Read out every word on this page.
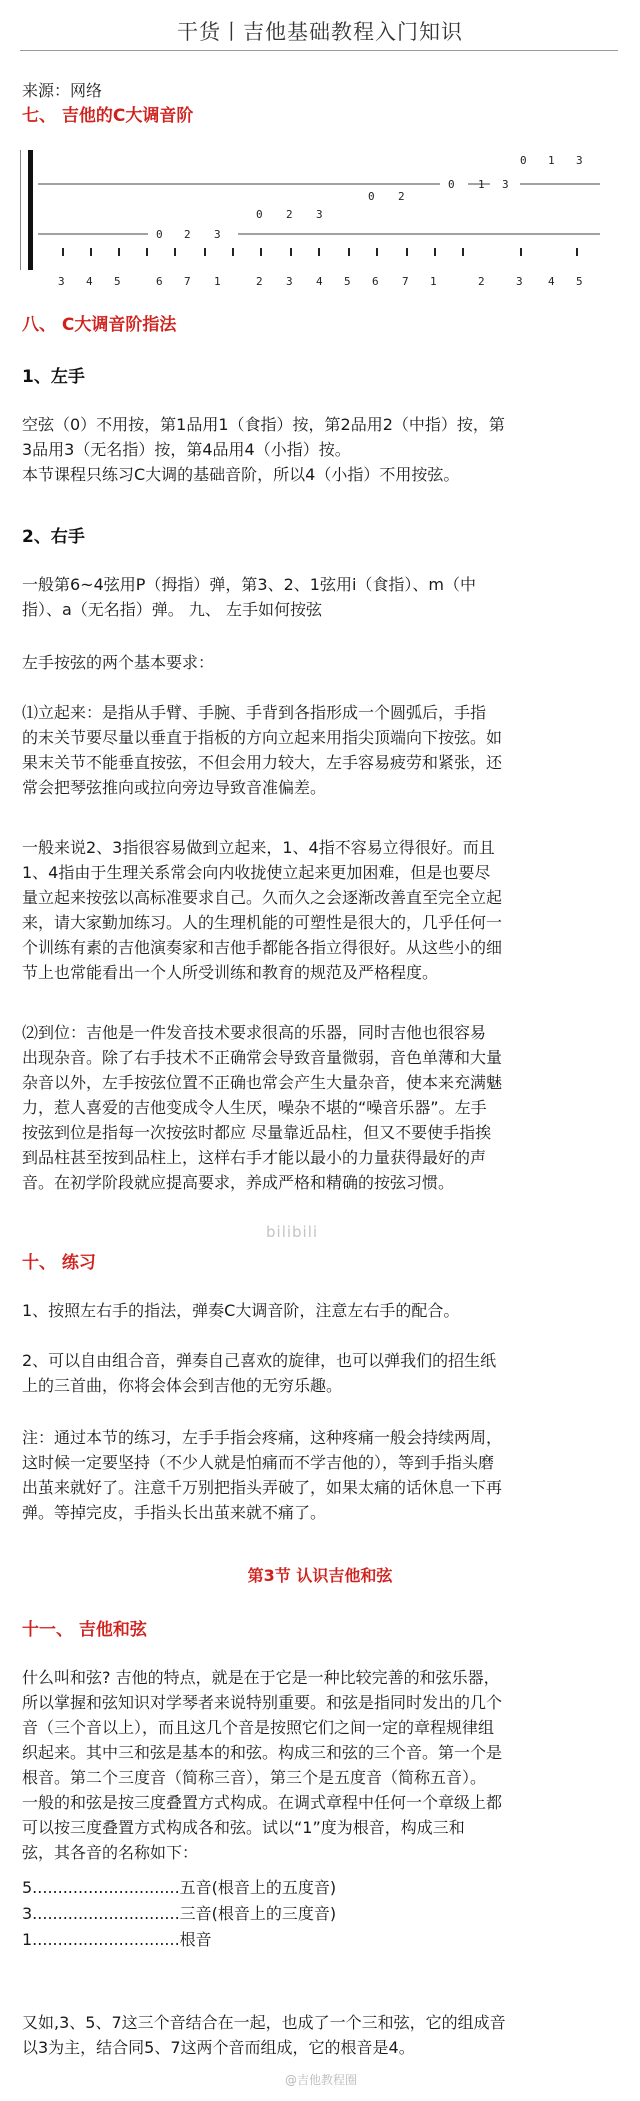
干货丨吉他基础教程入门知识
来源：网络
七、 吉他的C大调音阶
0 1 3
0 1 3
0 2
0 2 3
0 2 3
3 4 5	6 7 1	2 3 4 5 6 7 1	2	3 4 5
八、 C大调音阶指法
1、左手
空弦（0）不用按，第1品用1（食指）按，第2品用2（中指）按，第
3品用3（无名指）按，第4品用4（小指）按。
本节课程只练习C大调的基础音阶，所以4（小指）不用按弦。
2、右手
一般第6~4弦用P（拇指）弹，第3、2、1弦用i（食指）、m（中
指）、a（无名指）弹。 九、 左手如何按弦
左手按弦的两个基本要求：
⑴立起来：是指从手臂、手腕、手背到各指形成一个圆弧后，手指
的末关节要尽量以垂直于指板的方向立起来用指尖顶端向下按弦。如
果末关节不能垂直按弦，不但会用力较大，左手容易疲劳和紧张，还
常会把琴弦推向或拉向旁边导致音准偏差。
一般来说2、3指很容易做到立起来，1、4指不容易立得很好。而且
1、4指由于生理关系常会向内收拢使立起来更加困难，但是也要尽
量立起来按弦以高标准要求自己。久而久之会逐渐改善直至完全立起
来，请大家勤加练习。人的生理机能的可塑性是很大的，几乎任何一
个训练有素的吉他演奏家和吉他手都能各指立得很好。从这些小的细
节上也常能看出一个人所受训练和教育的规范及严格程度。
⑵到位：吉他是一件发音技术要求很高的乐器，同时吉他也很容易
出现杂音。除了右手技术不正确常会导致音量微弱，音色单薄和大量
杂音以外，左手按弦位置不正确也常会产生大量杂音，使本来充满魅
力，惹人喜爱的吉他变成令人生厌，噪杂不堪的“噪音乐器”。左手
按弦到位是指每一次按弦时都应 尽量靠近品柱，但又不要使手指挨
到品柱甚至按到品柱上，这样右手才能以最小的力量获得最好的声
音。在初学阶段就应提高要求，养成严格和精确的按弦习惯。
bilibili
十、 练习
1、按照左右手的指法，弹奏C大调音阶，注意左右手的配合。
2、可以自由组合音，弹奏自己喜欢的旋律，也可以弹我们的招生纸
上的三首曲，你将会体会到吉他的无穷乐趣。
注：通过本节的练习，左手手指会疼痛，这种疼痛一般会持续两周，
这时候一定要坚持（不少人就是怕痛而不学吉他的），等到手指头磨
出茧来就好了。注意千万别把指头弄破了，如果太痛的话休息一下再
弹。等掉完皮，手指头长出茧来就不痛了。
第3节 认识吉他和弦
十一、 吉他和弦
什么叫和弦? 吉他的特点，就是在于它是一种比较完善的和弦乐器，
所以掌握和弦知识对学琴者来说特别重要。和弦是指同时发出的几个
音（三个音以上），而且这几个音是按照它们之间一定的章程规律组
织起来。其中三和弦是基本的和弦。构成三和弦的三个音。第一个是
根音。第二个三度音（简称三音），第三个是五度音（简称五音）。
一般的和弦是按三度叠置方式构成。在调式章程中任何一个章级上都
可以按三度叠置方式构成各和弦。试以“1”度为根音，构成三和
弦，其各音的名称如下：
5.............................五音(根音上的五度音)
3.............................三音(根音上的三度音)
1.............................根音
又如,3、5、7这三个音结合在一起，也成了一个三和弦，它的组成音
以3为主，结合同5、7这两个音而组成，它的根音是4。
@吉他教程圈
